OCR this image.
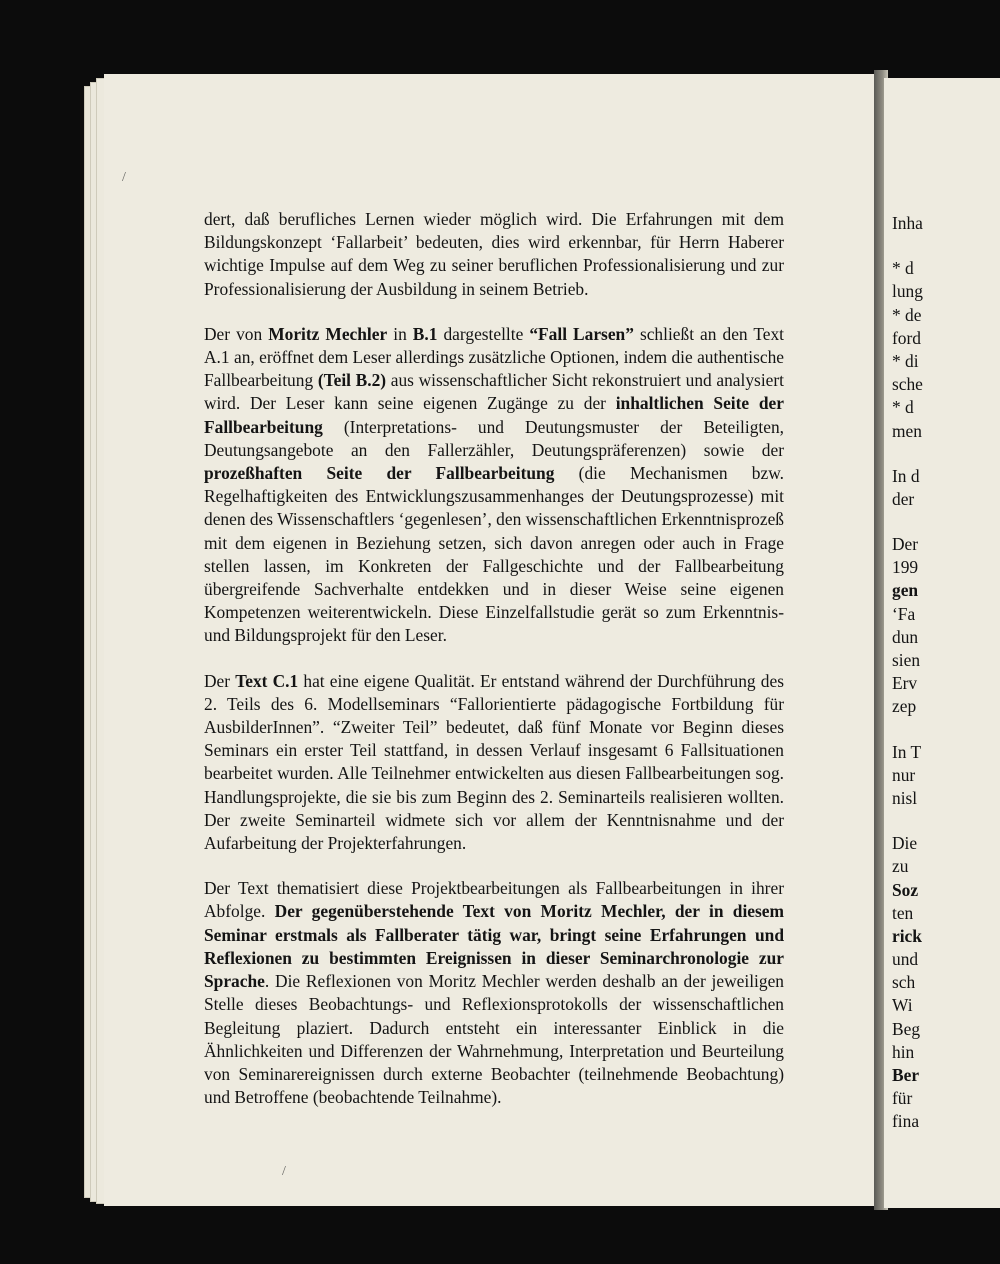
/

dert, daß berufliches Lernen wieder möglich wird. Die Erfahrungen mit dem Bildungskonzept ‘Fallarbeit’ bedeuten, dies wird erkennbar, für Herrn Haberer wichtige Impulse auf dem Weg zu seiner beruflichen Professionalisierung und zur Professionalisierung der Ausbildung in seinem Betrieb.

Der von Moritz Mechler in B.1 dargestellte “Fall Larsen” schließt an den Text A.1 an, eröffnet dem Leser allerdings zusätzliche Optionen, indem die authentische Fallbearbeitung (Teil B.2) aus wissenschaftlicher Sicht rekonstruiert und analysiert wird. Der Leser kann seine eigenen Zugänge zu der inhaltlichen Seite der Fallbearbeitung (Interpretations- und Deutungsmuster der Beteiligten, Deutungsangebote an den Fallerzähler, Deutungspräferenzen) sowie der prozeßhaften Seite der Fallbearbeitung (die Mechanismen bzw. Regelhaftigkeiten des Entwicklungszusammenhanges der Deutungsprozesse) mit denen des Wissenschaftlers ‘gegenlesen’, den wissenschaftlichen Erkenntnisprozeß mit dem eigenen in Beziehung setzen, sich davon anregen oder auch in Frage stellen lassen, im Konkreten der Fallgeschichte und der Fallbearbeitung übergreifende Sachverhalte entdekken und in dieser Weise seine eigenen Kompetenzen weiterentwickeln. Diese Einzelfallstudie gerät so zum Erkenntnis- und Bildungsprojekt für den Leser.

Der Text C.1 hat eine eigene Qualität. Er entstand während der Durchführung des 2. Teils des 6. Modellseminars “Fallorientierte pädagogische Fortbildung für AusbilderInnen”. “Zweiter Teil” bedeutet, daß fünf Monate vor Beginn dieses Seminars ein erster Teil stattfand, in dessen Verlauf insgesamt 6 Fallsituationen bearbeitet wurden. Alle Teilnehmer entwickelten aus diesen Fallbearbeitungen sog. Handlungsprojekte, die sie bis zum Beginn des 2. Seminarteils realisieren wollten. Der zweite Seminarteil widmete sich vor allem der Kenntnisnahme und der Aufarbeitung der Projekterfahrungen.

Der Text thematisiert diese Projektbearbeitungen als Fallbearbeitungen in ihrer Abfolge. Der gegenüberstehende Text von Moritz Mechler, der in diesem Seminar erstmals als Fallberater tätig war, bringt seine Erfahrungen und Reflexionen zu bestimmten Ereignissen in dieser Seminarchronologie zur Sprache. Die Reflexionen von Moritz Mechler werden deshalb an der jeweiligen Stelle dieses Beobachtungs- und Reflexionsprotokolls der wissenschaftlichen Begleitung plaziert. Dadurch entsteht ein interessanter Einblick in die Ähnlichkeiten und Differenzen der Wahrnehmung, Interpretation und Beurteilung von Seminarereignissen durch externe Beobachter (teilnehmende Beobachtung) und Betroffene (beobachtende Teilnahme).

/
Inha
* d
lung
* de
ford
* di
sche
* d
men
In d
der
Der
199
gen
‘Fa
dun
sien
Erv
zep
In T
nur
nisl
Die
zu
Soz
ten
rick
und
sch
Wi
Beg
hin
Ber
für
fina
